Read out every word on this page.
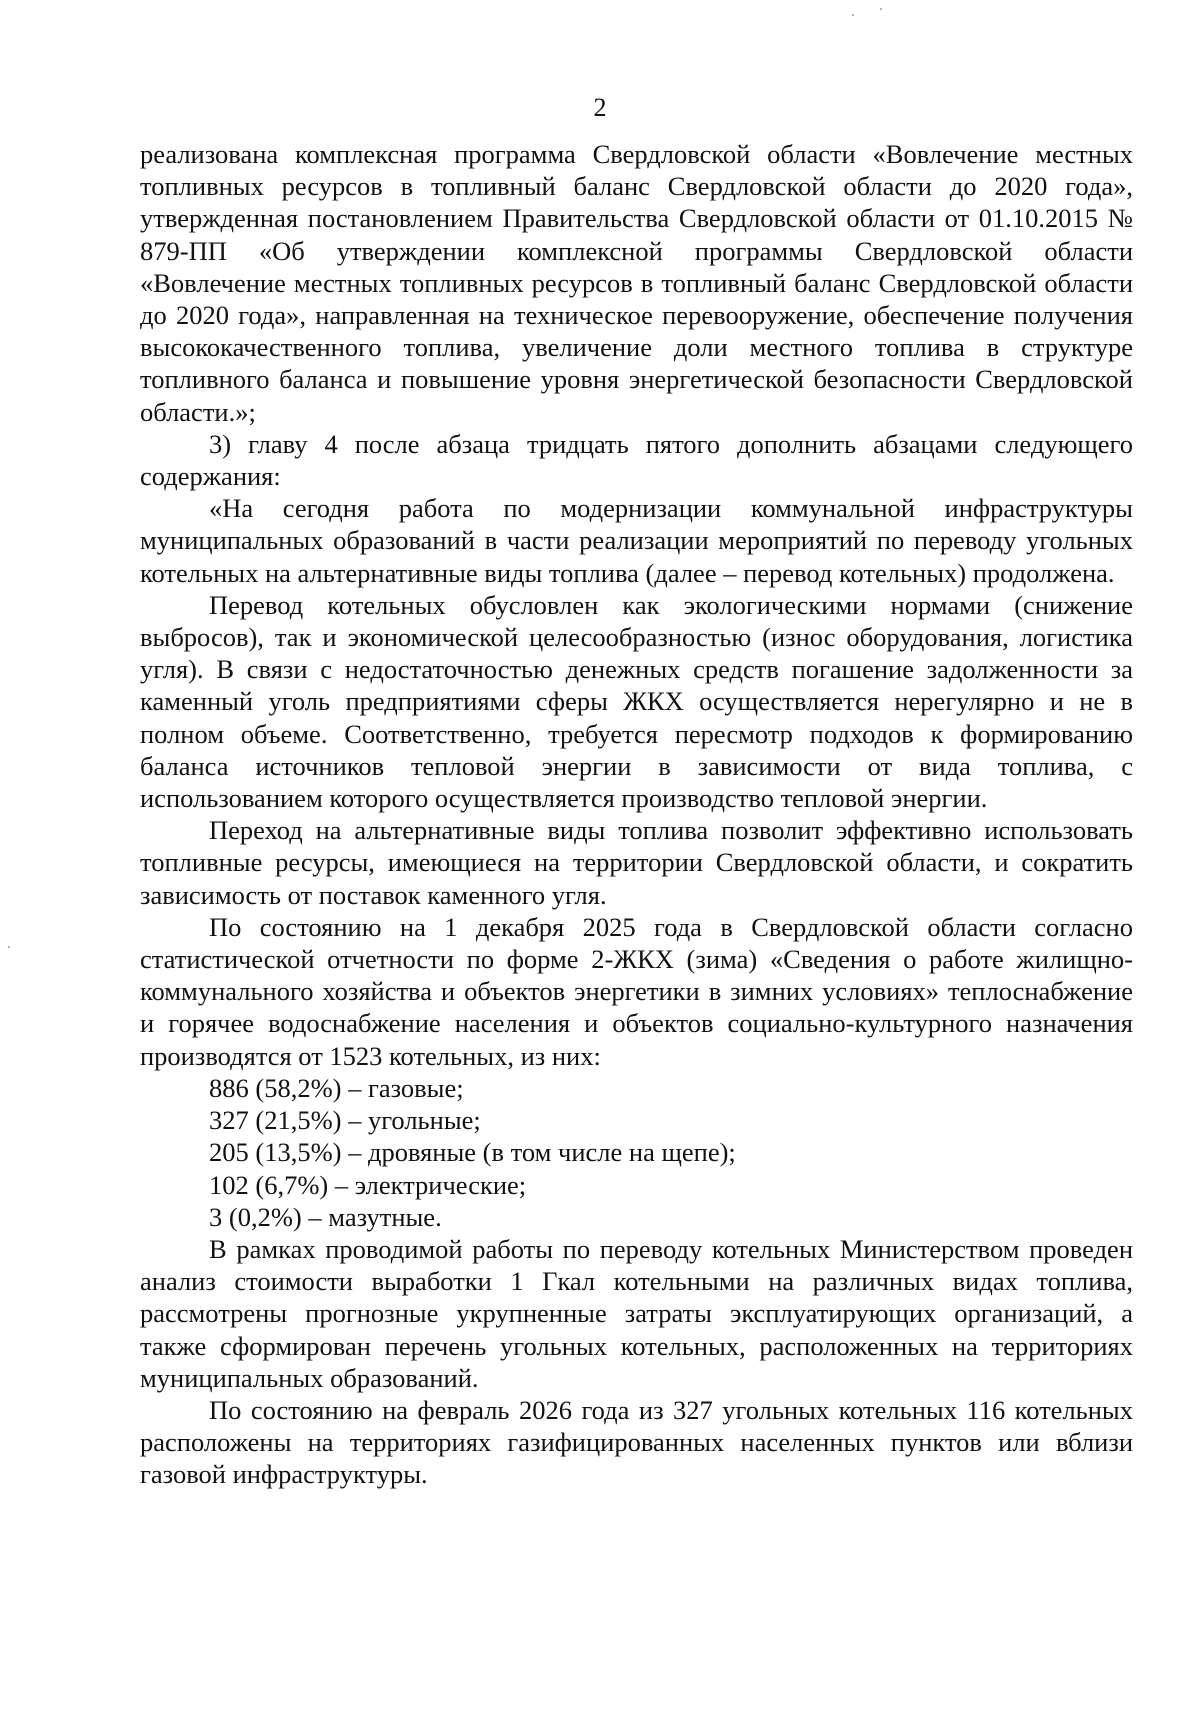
2

реализована комплексная программа Свердловской области «Вовлечение местных топливных ресурсов в топливный баланс Свердловской области до 2020 года», утвержденная постановлением Правительства Свердловской области от 01.10.2015 № 879-ПП «Об утверждении комплексной программы Свердловской области «Вовлечение местных топливных ресурсов в топливный баланс Свердловской области до 2020 года», направленная на техническое перевооружение, обеспечение получения высококачественного топлива, увеличение доли местного топлива в структуре топливного баланса и повышение уровня энергетической безопасности Свердловской области.»;

3) главу 4 после абзаца тридцать пятого дополнить абзацами следующего содержания:

«На сегодня работа по модернизации коммунальной инфраструктуры муниципальных образований в части реализации мероприятий по переводу угольных котельных на альтернативные виды топлива (далее – перевод котельных) продолжена.

Перевод котельных обусловлен как экологическими нормами (снижение выбросов), так и экономической целесообразностью (износ оборудования, логистика угля). В связи с недостаточностью денежных средств погашение задолженности за каменный уголь предприятиями сферы ЖКХ осуществляется нерегулярно и не в полном объеме. Соответственно, требуется пересмотр подходов к формированию баланса источников тепловой энергии в зависимости от вида топлива, с использованием которого осуществляется производство тепловой энергии.

Переход на альтернативные виды топлива позволит эффективно использовать топливные ресурсы, имеющиеся на территории Свердловской области, и сократить зависимость от поставок каменного угля.

По состоянию на 1 декабря 2025 года в Свердловской области согласно статистической отчетности по форме 2-ЖКХ (зима) «Сведения о работе жилищно-коммунального хозяйства и объектов энергетики в зимних условиях» теплоснабжение и горячее водоснабжение населения и объектов социально-культурного назначения производятся от 1523 котельных, из них:

886 (58,2%) – газовые;

327 (21,5%) – угольные;

205 (13,5%) – дровяные (в том числе на щепе);

102 (6,7%) – электрические;

3 (0,2%) – мазутные.

В рамках проводимой работы по переводу котельных Министерством проведен анализ стоимости выработки 1 Гкал котельными на различных видах топлива, рассмотрены прогнозные укрупненные затраты эксплуатирующих организаций, а также сформирован перечень угольных котельных, расположенных на территориях муниципальных образований.

По состоянию на февраль 2026 года из 327 угольных котельных 116 котельных расположены на территориях газифицированных населенных пунктов или вблизи газовой инфраструктуры.
